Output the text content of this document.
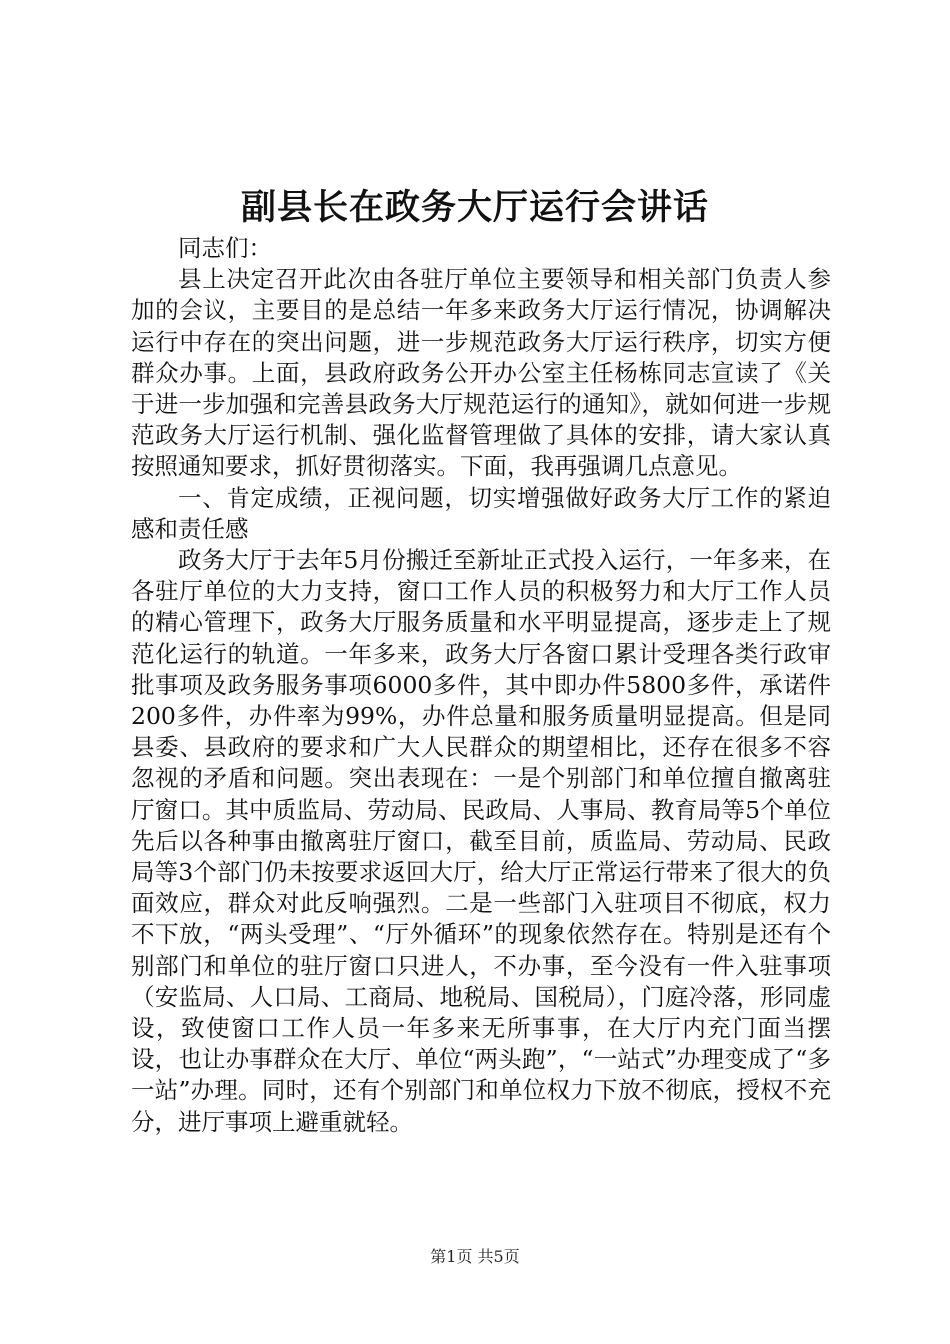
副县长在政务大厅运行会讲话

同志们：

县上决定召开此次由各驻厅单位主要领导和相关部门负责人参加的会议，主要目的是总结一年多来政务大厅运行情况，协调解决运行中存在的突出问题，进一步规范政务大厅运行秩序，切实方便群众办事。上面，县政府政务公开办公室主任杨栋同志宣读了《关于进一步加强和完善县政务大厅规范运行的通知》，就如何进一步规范政务大厅运行机制、强化监督管理做了具体的安排，请大家认真按照通知要求，抓好贯彻落实。下面，我再强调几点意见。

一、肯定成绩，正视问题，切实增强做好政务大厅工作的紧迫感和责任感

政务大厅于去年5月份搬迁至新址正式投入运行，一年多来，在各驻厅单位的大力支持，窗口工作人员的积极努力和大厅工作人员的精心管理下，政务大厅服务质量和水平明显提高，逐步走上了规范化运行的轨道。一年多来，政务大厅各窗口累计受理各类行政审批事项及政务服务事项6000多件，其中即办件5800多件，承诺件200多件，办件率为99%，办件总量和服务质量明显提高。但是同县委、县政府的要求和广大人民群众的期望相比，还存在很多不容忽视的矛盾和问题。突出表现在：一是个别部门和单位擅自撤离驻厅窗口。其中质监局、劳动局、民政局、人事局、教育局等5个单位先后以各种事由撤离驻厅窗口，截至目前，质监局、劳动局、民政局等3个部门仍未按要求返回大厅，给大厅正常运行带来了很大的负面效应，群众对此反响强烈。二是一些部门入驻项目不彻底，权力不下放，“两头受理”、“厅外循环”的现象依然存在。特别是还有个别部门和单位的驻厅窗口只进人，不办事，至今没有一件入驻事项（安监局、人口局、工商局、地税局、国税局），门庭冷落，形同虚设，致使窗口工作人员一年多来无所事事，在大厅内充门面当摆设，也让办事群众在大厅、单位“两头跑”，“一站式”办理变成了“多一站”办理。同时，还有个别部门和单位权力下放不彻底，授权不充分，进厅事项上避重就轻。

第1页 共5页
